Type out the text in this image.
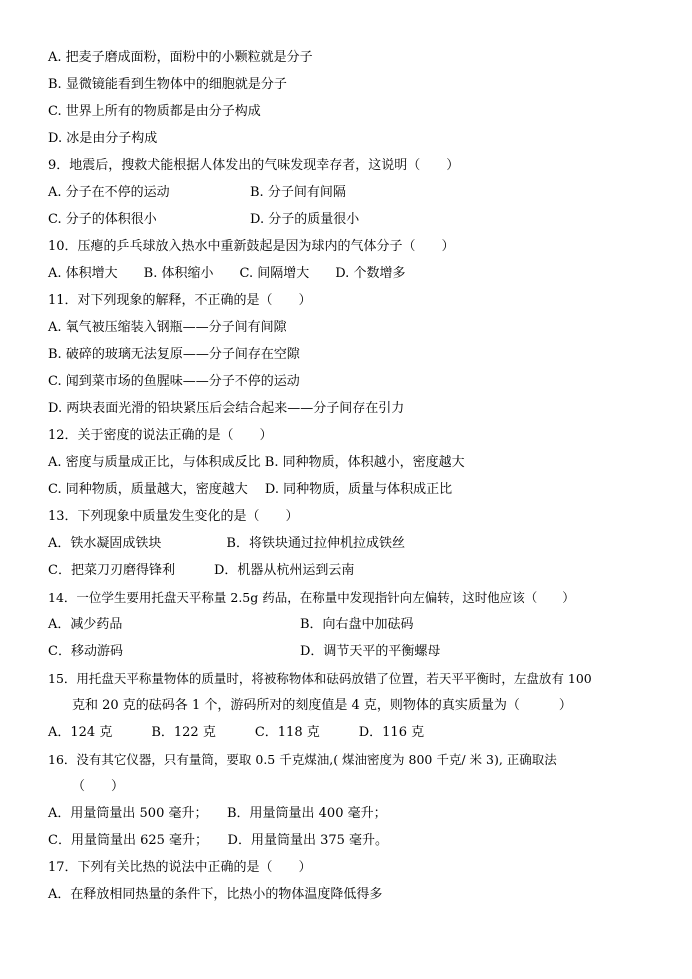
A. 把麦子磨成面粉，面粉中的小颗粒就是分子
B. 显微镜能看到生物体中的细胞就是分子
C. 世界上所有的物质都是由分子构成
D. 冰是由分子构成
9．地震后，搜救犬能根据人体发出的气味发现幸存者，这说明（　　）
A. 分子在不停的运动	B. 分子间有间隔
C. 分子的体积很小	D. 分子的质量很小
10．压瘪的乒乓球放入热水中重新鼓起是因为球内的气体分子（　　）
A. 体积增大　　B. 体积缩小　　C. 间隔增大　　D. 个数增多
11．对下列现象的解释，不正确的是（　　）
A. 氧气被压缩装入钢瓶——分子间有间隙
B. 破碎的玻璃无法复原——分子间存在空隙
C. 闻到菜市场的鱼腥味——分子不停的运动
D. 两块表面光滑的铅块紧压后会结合起来——分子间存在引力
12．关于密度的说法正确的是（　　）
A. 密度与质量成正比，与体积成反比 B. 同种物质，体积越小，密度越大
C. 同种物质，质量越大，密度越大　 D. 同种物质，质量与体积成正比
13．下列现象中质量发生变化的是（　　）
A．铁水凝固成铁块　　　　　B．将铁块通过拉伸机拉成铁丝
C．把菜刀刃磨得锋利　　　D．机器从杭州运到云南
14．一位学生要用托盘天平称量 2.5g 药品，在称量中发现指针向左偏转，这时他应该（　　）
A．减少药品	B．向右盘中加砝码
C．移动游码	D．调节天平的平衡螺母
15．用托盘天平称量物体的质量时，将被称物体和砝码放错了位置，若天平平衡时，左盘放有 100
克和 20 克的砝码各 1 个，游码所对的刻度值是 4 克，则物体的真实质量为（　　　）
A．124 克　　　B．122 克　　　C．118 克　　　D．116 克
16．没有其它仪器，只有量筒，要取 0.5 千克煤油,( 煤油密度为 800 千克/ 米 3), 正确取法
（　　）
A．用量筒量出 500 毫升；　　B．用量筒量出 400 毫升；
C．用量筒量出 625 毫升；　　D．用量筒量出 375 毫升。
17．下列有关比热的说法中正确的是（　　）
A．在释放相同热量的条件下，比热小的物体温度降低得多
